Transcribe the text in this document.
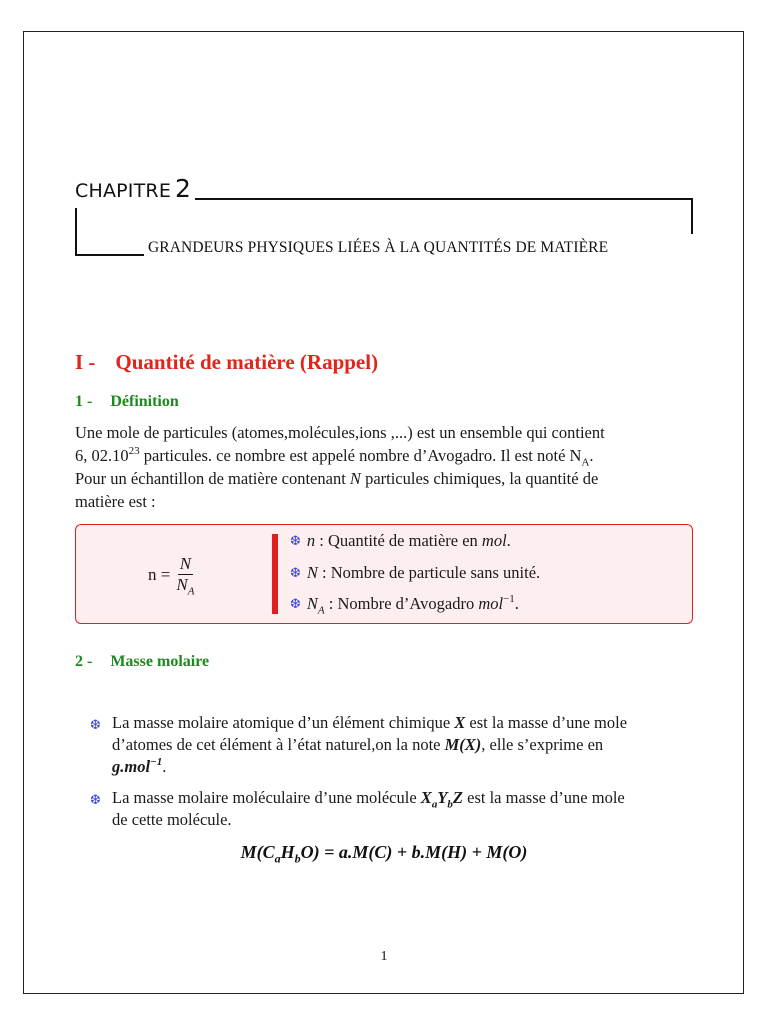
CHAPITRE 2
GRANDEURS PHYSIQUES LIÉES À LA QUANTITÉS DE MATIÈRE
I - Quantité de matière (Rappel)
1 - Définition
Une mole de particules (atomes,molécules,ions ,...) est un ensemble qui contient
6, 02.10$^{23}$ particules. ce nombre est appelé nombre d’Avogadro. Il est noté $N_A$.
Pour un échantillon de matière contenant N particules chimiques, la quantité de
matière est :
$n = \frac{N}{N_A}$
❆ n : Quantité de matière en mol.
❆ N : Nombre de particule sans unité.
❆ $N_A$ : Nombre d’Avogadro mol$^{-1}$.
2 - Masse molaire
❆ La masse molaire atomique d’un élément chimique X est la masse d’une mole
d’atomes de cet élément à l’état naturel,on la note M(X), elle s’exprime en
g.mol$^{-1}$.
❆ La masse molaire moléculaire d’une molécule $X_aY_bZ$ est la masse d’une mole
de cette molécule.
$M(C_aH_bO) = a.M(C) + b.M(H) + M(O)$
1
